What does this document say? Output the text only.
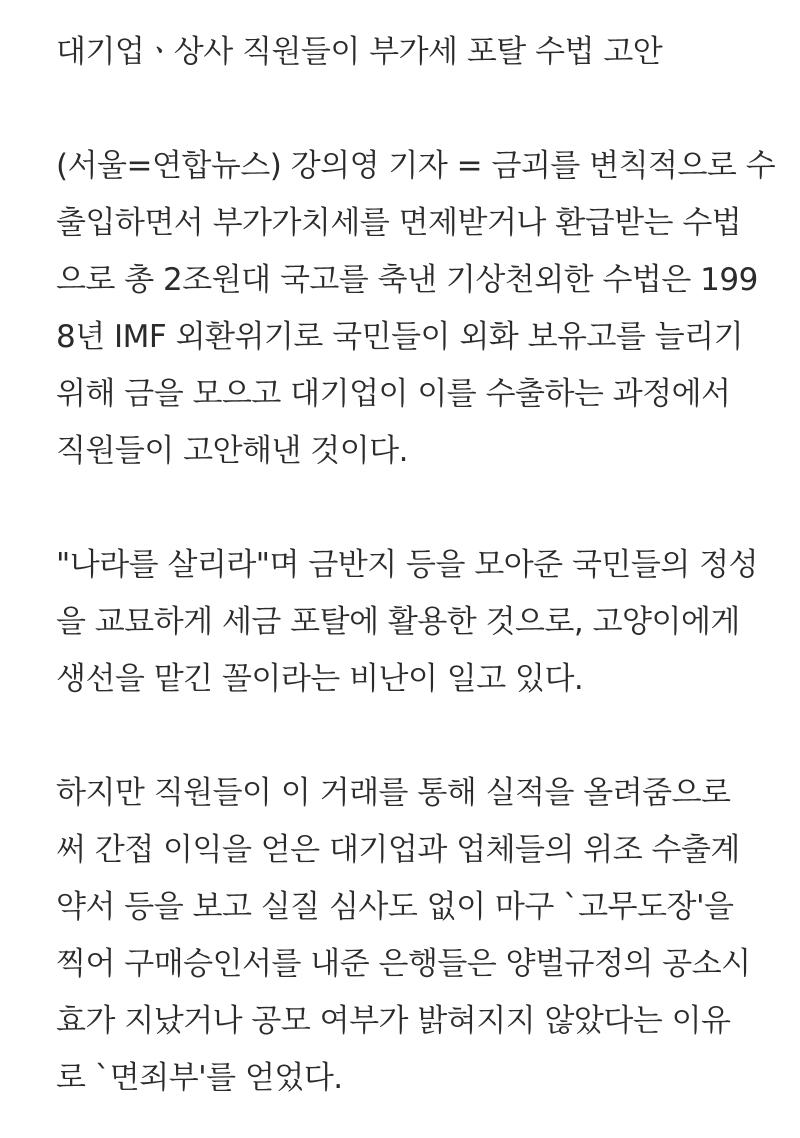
대기업ㆍ상사 직원들이 부가세 포탈 수법 고안
(서울=연합뉴스) 강의영 기자 = 금괴를 변칙적으로 수
출입하면서 부가가치세를 면제받거나 환급받는 수법
으로 총 2조원대 국고를 축낸 기상천외한 수법은 199
8년 IMF 외환위기로 국민들이 외화 보유고를 늘리기
위해 금을 모으고 대기업이 이를 수출하는 과정에서
직원들이 고안해낸 것이다.
"나라를 살리라"며 금반지 등을 모아준 국민들의 정성
을 교묘하게 세금 포탈에 활용한 것으로, 고양이에게
생선을 맡긴 꼴이라는 비난이 일고 있다.
하지만 직원들이 이 거래를 통해 실적을 올려줌으로
써 간접 이익을 얻은 대기업과 업체들의 위조 수출계
약서 등을 보고 실질 심사도 없이 마구 `고무도장'을
찍어 구매승인서를 내준 은행들은 양벌규정의 공소시
효가 지났거나 공모 여부가 밝혀지지 않았다는 이유
로 `면죄부'를 얻었다.
